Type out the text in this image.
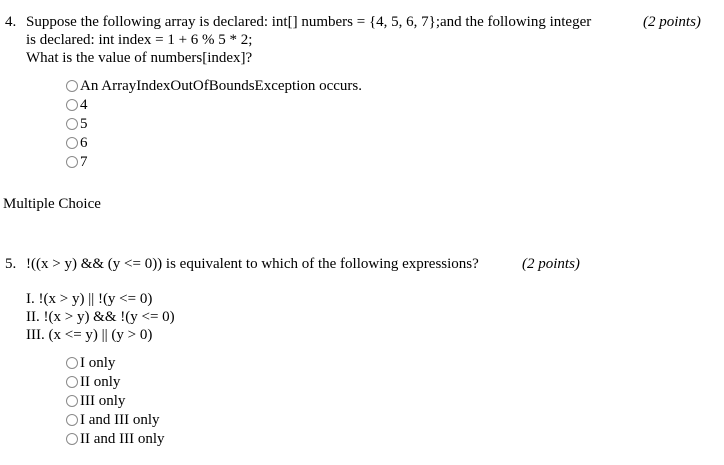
4. Suppose the following array is declared: int[] numbers = {4, 5, 6, 7};and the following integer	(2 points)
is declared: int index = 1 + 6 % 5 * 2;
What is the value of numbers[index]?
An ArrayIndexOutOfBoundsException occurs.
4
5
6
7
Multiple Choice
5. !((x > y) && (y <= 0)) is equivalent to which of the following expressions?	(2 points)
I. !(x > y) || !(y <= 0)
II. !(x > y) && !(y <= 0)
III. (x <= y) || (y > 0)
I only
II only
III only
I and III only
II and III only
